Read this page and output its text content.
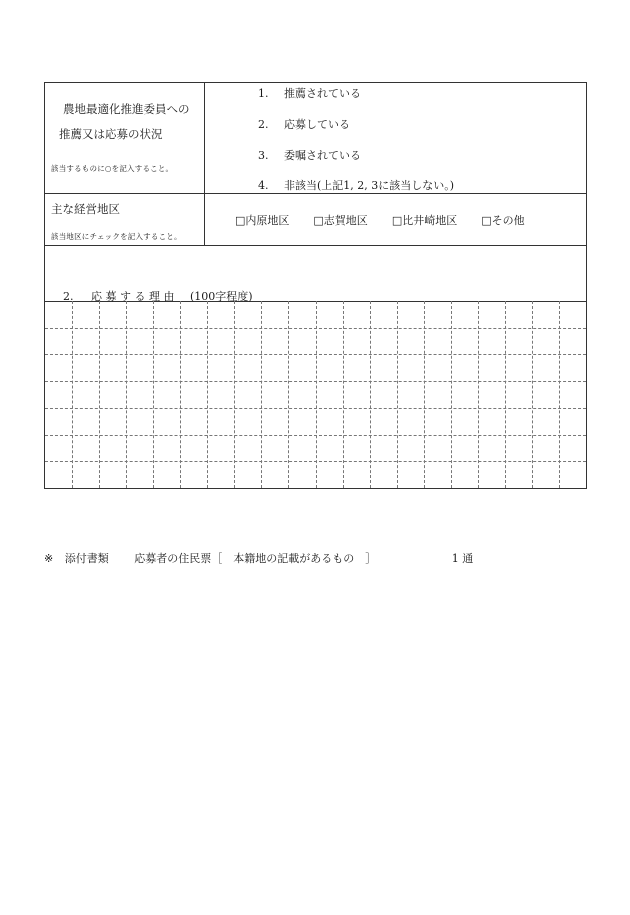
農地最適化推進委員への
推薦又は応募の状況
該当するものに○を記入すること。
1. 推薦されている
2. 応募している
3. 委嘱されている
4. 非該当(上記1, 2, 3に該当しない。)
主な経営地区
該当地区にチェックを記入すること。
□内原地区 □志賀地区 □比井崎地区 □その他
2. 応 募 す る 理 由 (100字程度)
※ 添付書類 応募者の住民票［　本籍地の記載があるもの　］	1 通
